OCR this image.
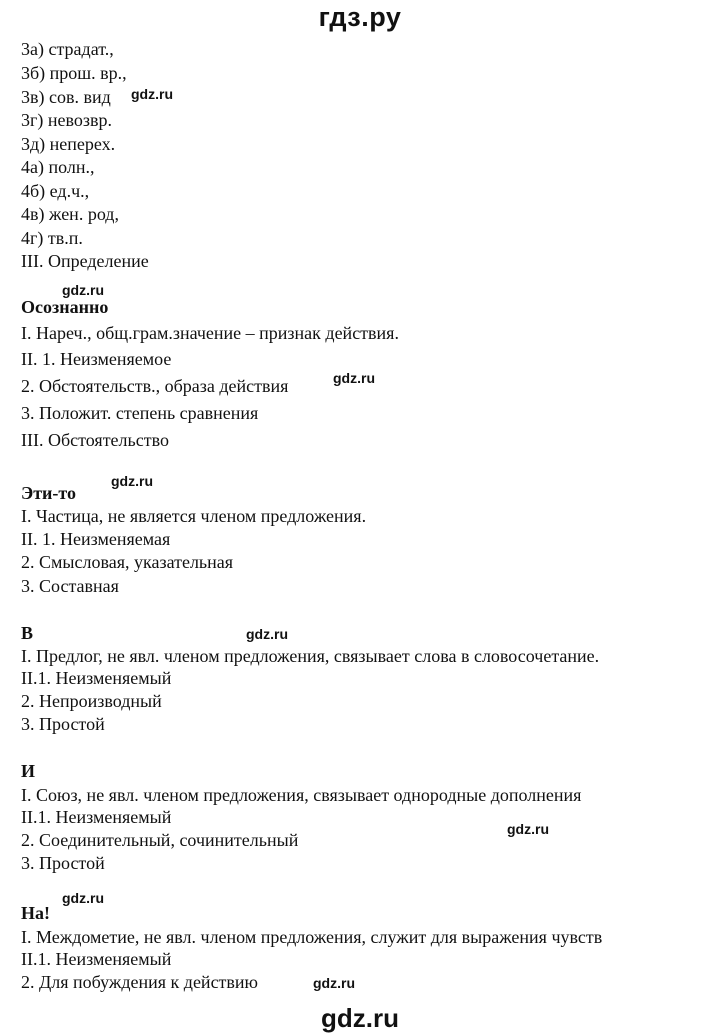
гдз.ру
3а) страдат.,
3б) прош. вр.,
3в) сов. вид
3г) невозвр.
3д) неперех.
4а) полн.,
4б) ед.ч.,
4в) жен. род,
4г) тв.п.
III. Определение
Осознанно
I. Нареч., общ.грам.значение – признак действия.
II. 1. Неизменяемое
2. Обстоятельств., образа действия
3. Положит. степень сравнения
III. Обстоятельство
Эти-то
I. Частица, не является членом предложения.
II. 1. Неизменяемая
2. Смысловая, указательная
3. Составная
В
I. Предлог, не явл. членом предложения, связывает слова в словосочетание.
II.1. Неизменяемый
2. Непроизводный
3. Простой
И
I. Союз, не явл. членом предложения, связывает однородные дополнения
II.1. Неизменяемый
2. Соединительный, сочинительный
3. Простой
На!
I. Междометие, не явл. членом предложения, служит для выражения чувств
II.1. Неизменяемый
2. Для побуждения к действию
gdz.ru
gdz.ru
gdz.ru
gdz.ru
gdz.ru
gdz.ru
gdz.ru
gdz.ru
gdz.ru
